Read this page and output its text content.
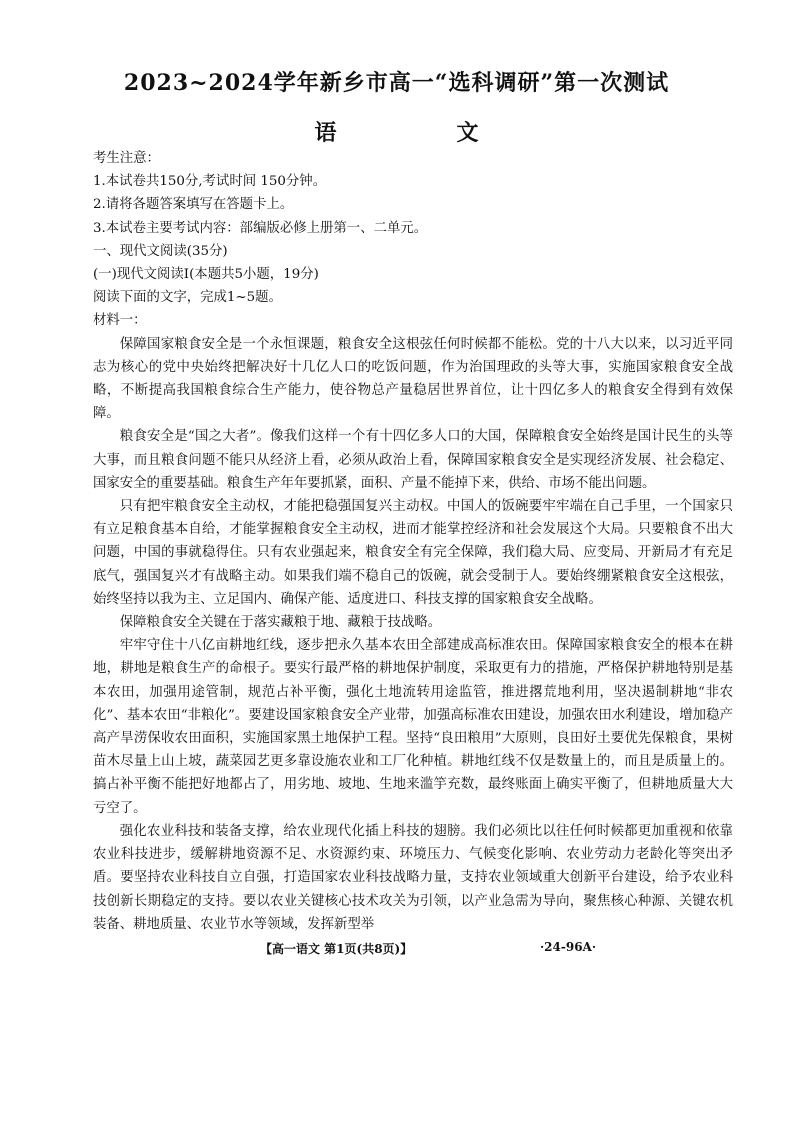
2023~2024学年新乡市高一“选科调研”第一次测试
语文

考生注意：

1.本试卷共150分,考试时间 150分钟。

2.请将各题答案填写在答题卡上。

3.本试卷主要考试内容：部编版必修上册第一、二单元。

一、现代文阅读(35分)

(一)现代文阅读Ⅰ(本题共5小题，19分)

阅读下面的文字，完成1~5题。

材料一：

保障国家粮食安全是一个永恒课题，粮食安全这根弦任何时候都不能松。党的十八大以来，以习近平同志为核心的党中央始终把解决好十几亿人口的吃饭问题，作为治国理政的头等大事，实施国家粮食安全战略，不断提高我国粮食综合生产能力，使谷物总产量稳居世界首位，让十四亿多人的粮食安全得到有效保障。

粮食安全是“国之大者”。像我们这样一个有十四亿多人口的大国，保障粮食安全始终是国计民生的头等大事，而且粮食问题不能只从经济上看，必须从政治上看，保障国家粮食安全是实现经济发展、社会稳定、国家安全的重要基础。粮食生产年年要抓紧，面积、产量不能掉下来，供给、市场不能出问题。

只有把牢粮食安全主动权，才能把稳强国复兴主动权。中国人的饭碗要牢牢端在自己手里，一个国家只有立足粮食基本自给，才能掌握粮食安全主动权，进而才能掌控经济和社会发展这个大局。只要粮食不出大问题，中国的事就稳得住。只有农业强起来，粮食安全有完全保障，我们稳大局、应变局、开新局才有充足底气，强国复兴才有战略主动。如果我们端不稳自己的饭碗，就会受制于人。要始终绷紧粮食安全这根弦，始终坚持以我为主、立足国内、确保产能、适度进口、科技支撑的国家粮食安全战略。

保障粮食安全关键在于落实藏粮于地、藏粮于技战略。

牢牢守住十八亿亩耕地红线，逐步把永久基本农田全部建成高标准农田。保障国家粮食安全的根本在耕地，耕地是粮食生产的命根子。要实行最严格的耕地保护制度，采取更有力的措施，严格保护耕地特别是基本农田，加强用途管制，规范占补平衡，强化土地流转用途监管，推进撂荒地利用，坚决遏制耕地“非农化”、基本农田“非粮化”。要建设国家粮食安全产业带，加强高标准农田建设，加强农田水利建设，增加稳产高产旱涝保收农田面积，实施国家黑土地保护工程。坚持“良田粮用”大原则，良田好土要优先保粮食，果树苗木尽量上山上坡，蔬菜园艺更多靠设施农业和工厂化种植。耕地红线不仅是数量上的，而且是质量上的。搞占补平衡不能把好地都占了，用劣地、坡地、生地来滥竽充数，最终账面上确实平衡了，但耕地质量大大亏空了。

强化农业科技和装备支撑，给农业现代化插上科技的翅膀。我们必须比以往任何时候都更加重视和依靠农业科技进步，缓解耕地资源不足、水资源约束、环境压力、气候变化影响、农业劳动力老龄化等突出矛盾。要坚持农业科技自立自强，打造国家农业科技战略力量，支持农业领域重大创新平台建设，给予农业科技创新长期稳定的支持。要以农业关键核心技术攻关为引领，以产业急需为导向，聚焦核心种源、关键农机装备、耕地质量、农业节水等领域，发挥新型举

【高一语文 第1页(共8页)】	·24-96A·
